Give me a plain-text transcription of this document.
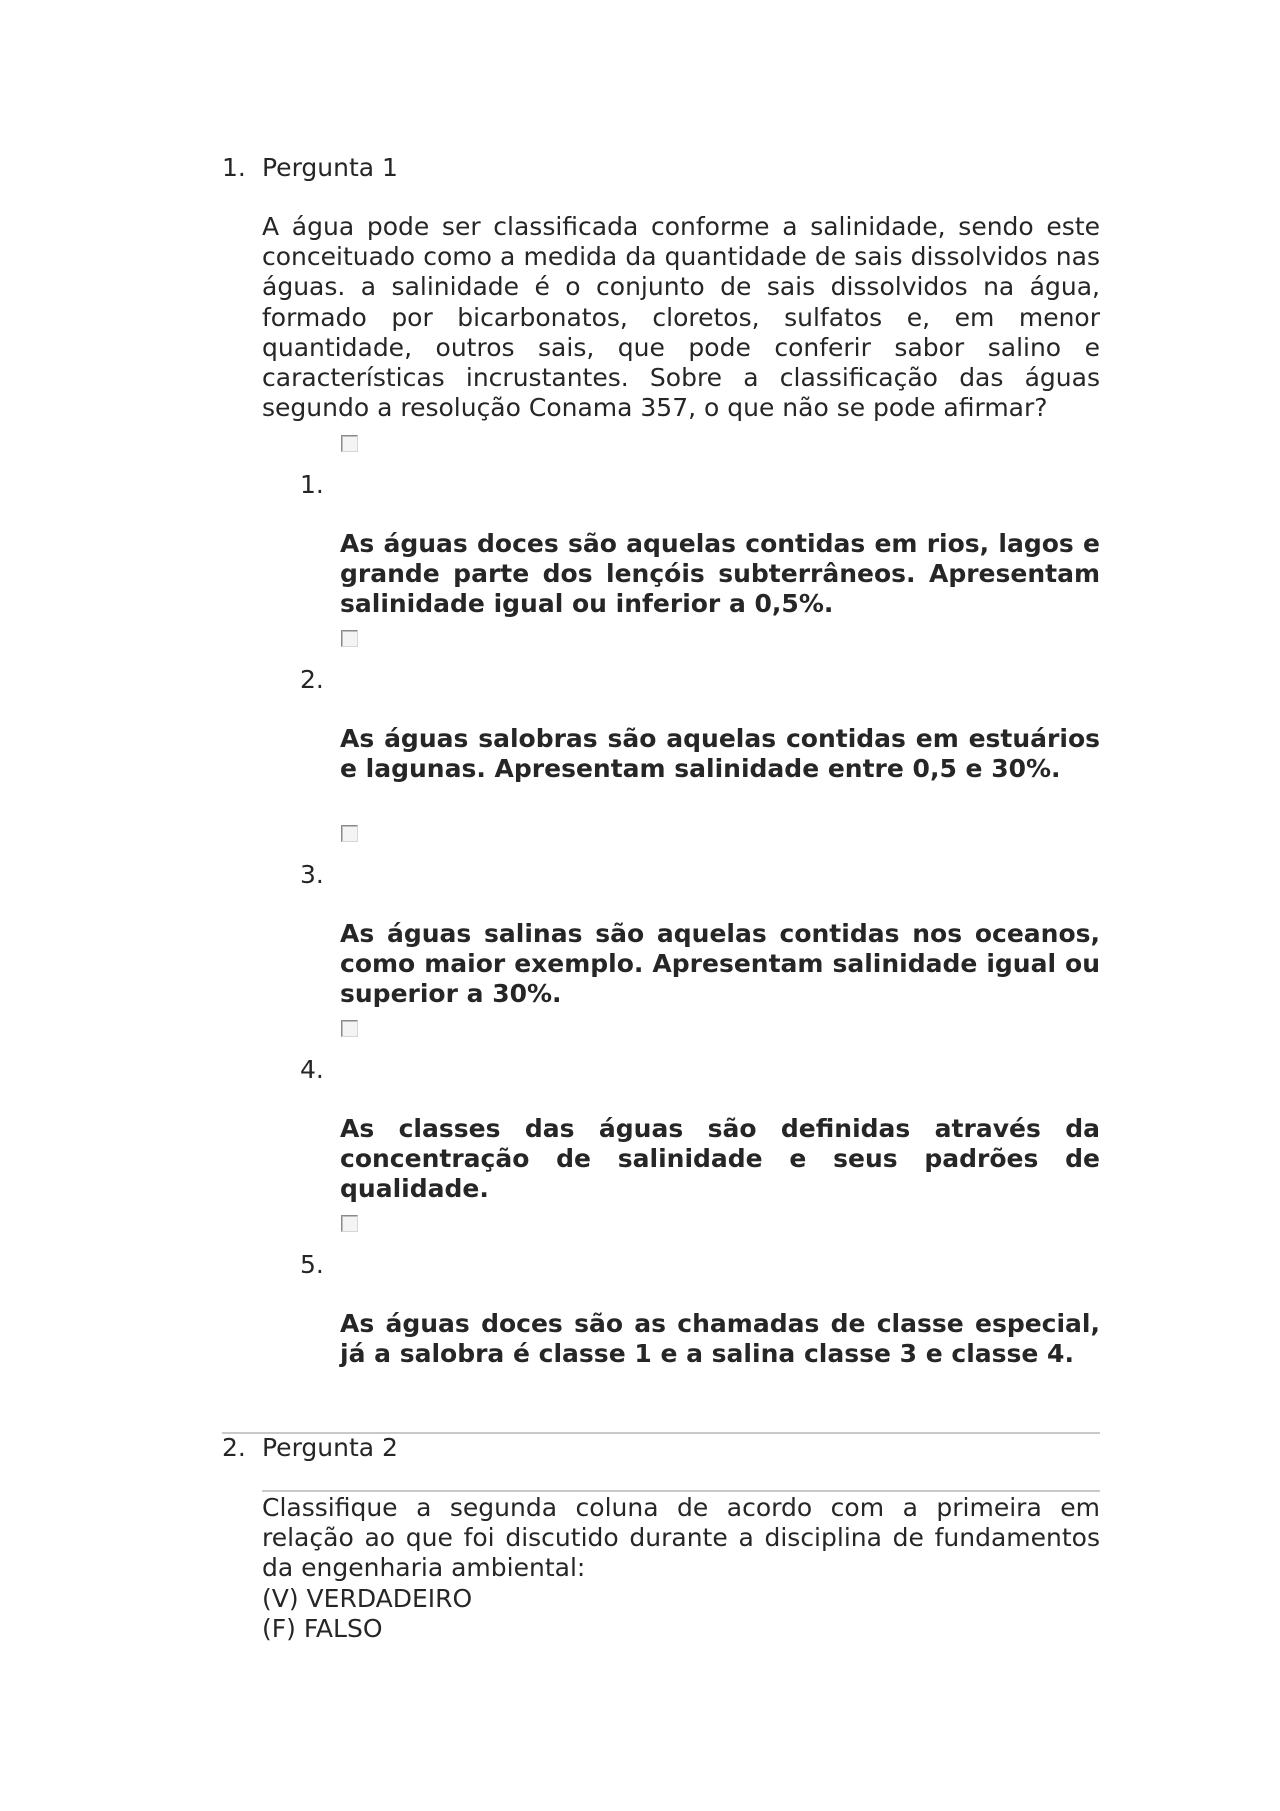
1. Pergunta 1
A água pode ser classificada conforme a salinidade, sendo este conceituado como a medida da quantidade de sais dissolvidos nas águas. a salinidade é o conjunto de sais dissolvidos na água, formado por bicarbonatos, cloretos, sulfatos e, em menor quantidade, outros sais, que pode conferir sabor salino e características incrustantes. Sobre a classificação das águas segundo a resolução Conama 357, o que não se pode afirmar?
1.
As águas doces são aquelas contidas em rios, lagos e grande parte dos lençóis subterrâneos. Apresentam salinidade igual ou inferior a 0,5%.
2.
As águas salobras são aquelas contidas em estuários e lagunas. Apresentam salinidade entre 0,5 e 30%.
3.
As águas salinas são aquelas contidas nos oceanos, como maior exemplo. Apresentam salinidade igual ou superior a 30%.
4.
As classes das águas são definidas através da concentração de salinidade e seus padrões de qualidade.
5.
As águas doces são as chamadas de classe especial, já a salobra é classe 1 e a salina classe 3 e classe 4.
2. Pergunta 2
Classifique a segunda coluna de acordo com a primeira em relação ao que foi discutido durante a disciplina de fundamentos da engenharia ambiental:
(V) VERDADEIRO
(F) FALSO
